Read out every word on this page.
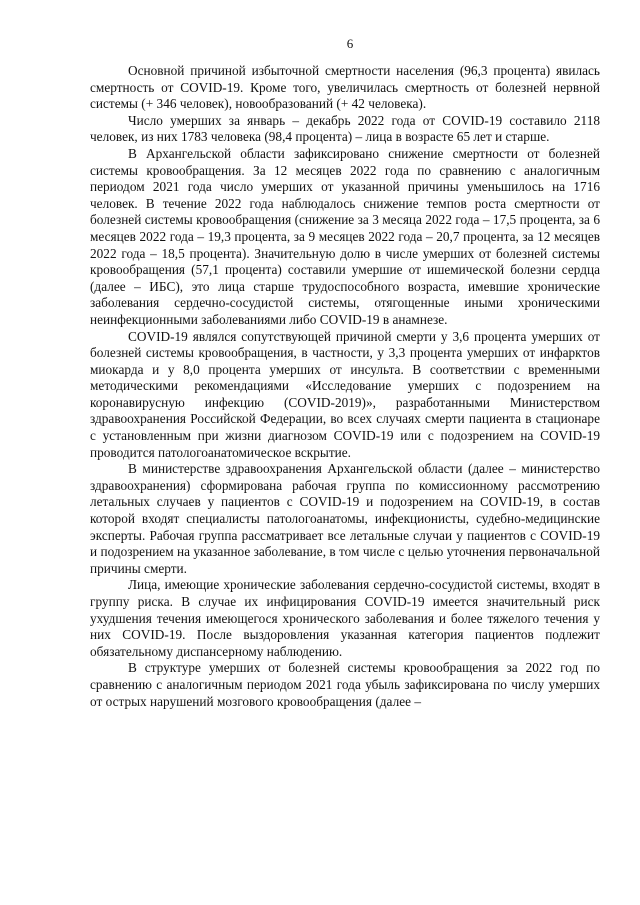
6

Основной причиной избыточной смертности населения (96,3 процента) явилась смертность от COVID-19. Кроме того, увеличилась смертность от болезней нервной системы (+ 346 человек), новообразований (+ 42 человека).

Число умерших за январь – декабрь 2022 года от COVID-19 составило 2118 человек, из них 1783 человека (98,4 процента) – лица в возрасте 65 лет и старше.

В Архангельской области зафиксировано снижение смертности от болезней системы кровообращения. За 12 месяцев 2022 года по сравнению с аналогичным периодом 2021 года число умерших от указанной причины уменьшилось на 1716 человек. В течение 2022 года наблюдалось снижение темпов роста смертности от болезней системы кровообращения (снижение за 3 месяца 2022 года – 17,5 процента, за 6 месяцев 2022 года – 19,3 процента, за 9 месяцев 2022 года – 20,7 процента, за 12 месяцев 2022 года – 18,5 процента). Значительную долю в числе умерших от болезней системы кровообращения (57,1 процента) составили умершие от ишемической болезни сердца (далее – ИБС), это лица старше трудоспособного возраста, имевшие хронические заболевания сердечно-сосудистой системы, отягощенные иными хроническими неинфекционными заболеваниями либо COVID-19 в анамнезе.

COVID-19 являлся сопутствующей причиной смерти у 3,6 процента умерших от болезней системы кровообращения, в частности, у 3,3 процента умерших от инфарктов миокарда и у 8,0 процента умерших от инсульта. В соответствии с временными методическими рекомендациями «Исследование умерших с подозрением на коронавирусную инфекцию (COVID-2019)», разработанными Министерством здравоохранения Российской Федерации, во всех случаях смерти пациента в стационаре с установленным при жизни диагнозом COVID-19 или с подозрением на COVID-19 проводится патологоанатомическое вскрытие.

В министерстве здравоохранения Архангельской области (далее – министерство здравоохранения) сформирована рабочая группа по комиссионному рассмотрению летальных случаев у пациентов с COVID-19 и подозрением на COVID-19, в состав которой входят специалисты патологоанатомы, инфекционисты, судебно-медицинские эксперты. Рабочая группа рассматривает все летальные случаи у пациентов с COVID-19 и подозрением на указанное заболевание, в том числе с целью уточнения первоначальной причины смерти.

Лица, имеющие хронические заболевания сердечно-сосудистой системы, входят в группу риска. В случае их инфицирования COVID-19 имеется значительный риск ухудшения течения имеющегося хронического заболевания и более тяжелого течения у них COVID-19. После выздоровления указанная категория пациентов подлежит обязательному диспансерному наблюдению.

В структуре умерших от болезней системы кровообращения за 2022 год по сравнению с аналогичным периодом 2021 года убыль зафиксирована по числу умерших от острых нарушений мозгового кровообращения (далее –
